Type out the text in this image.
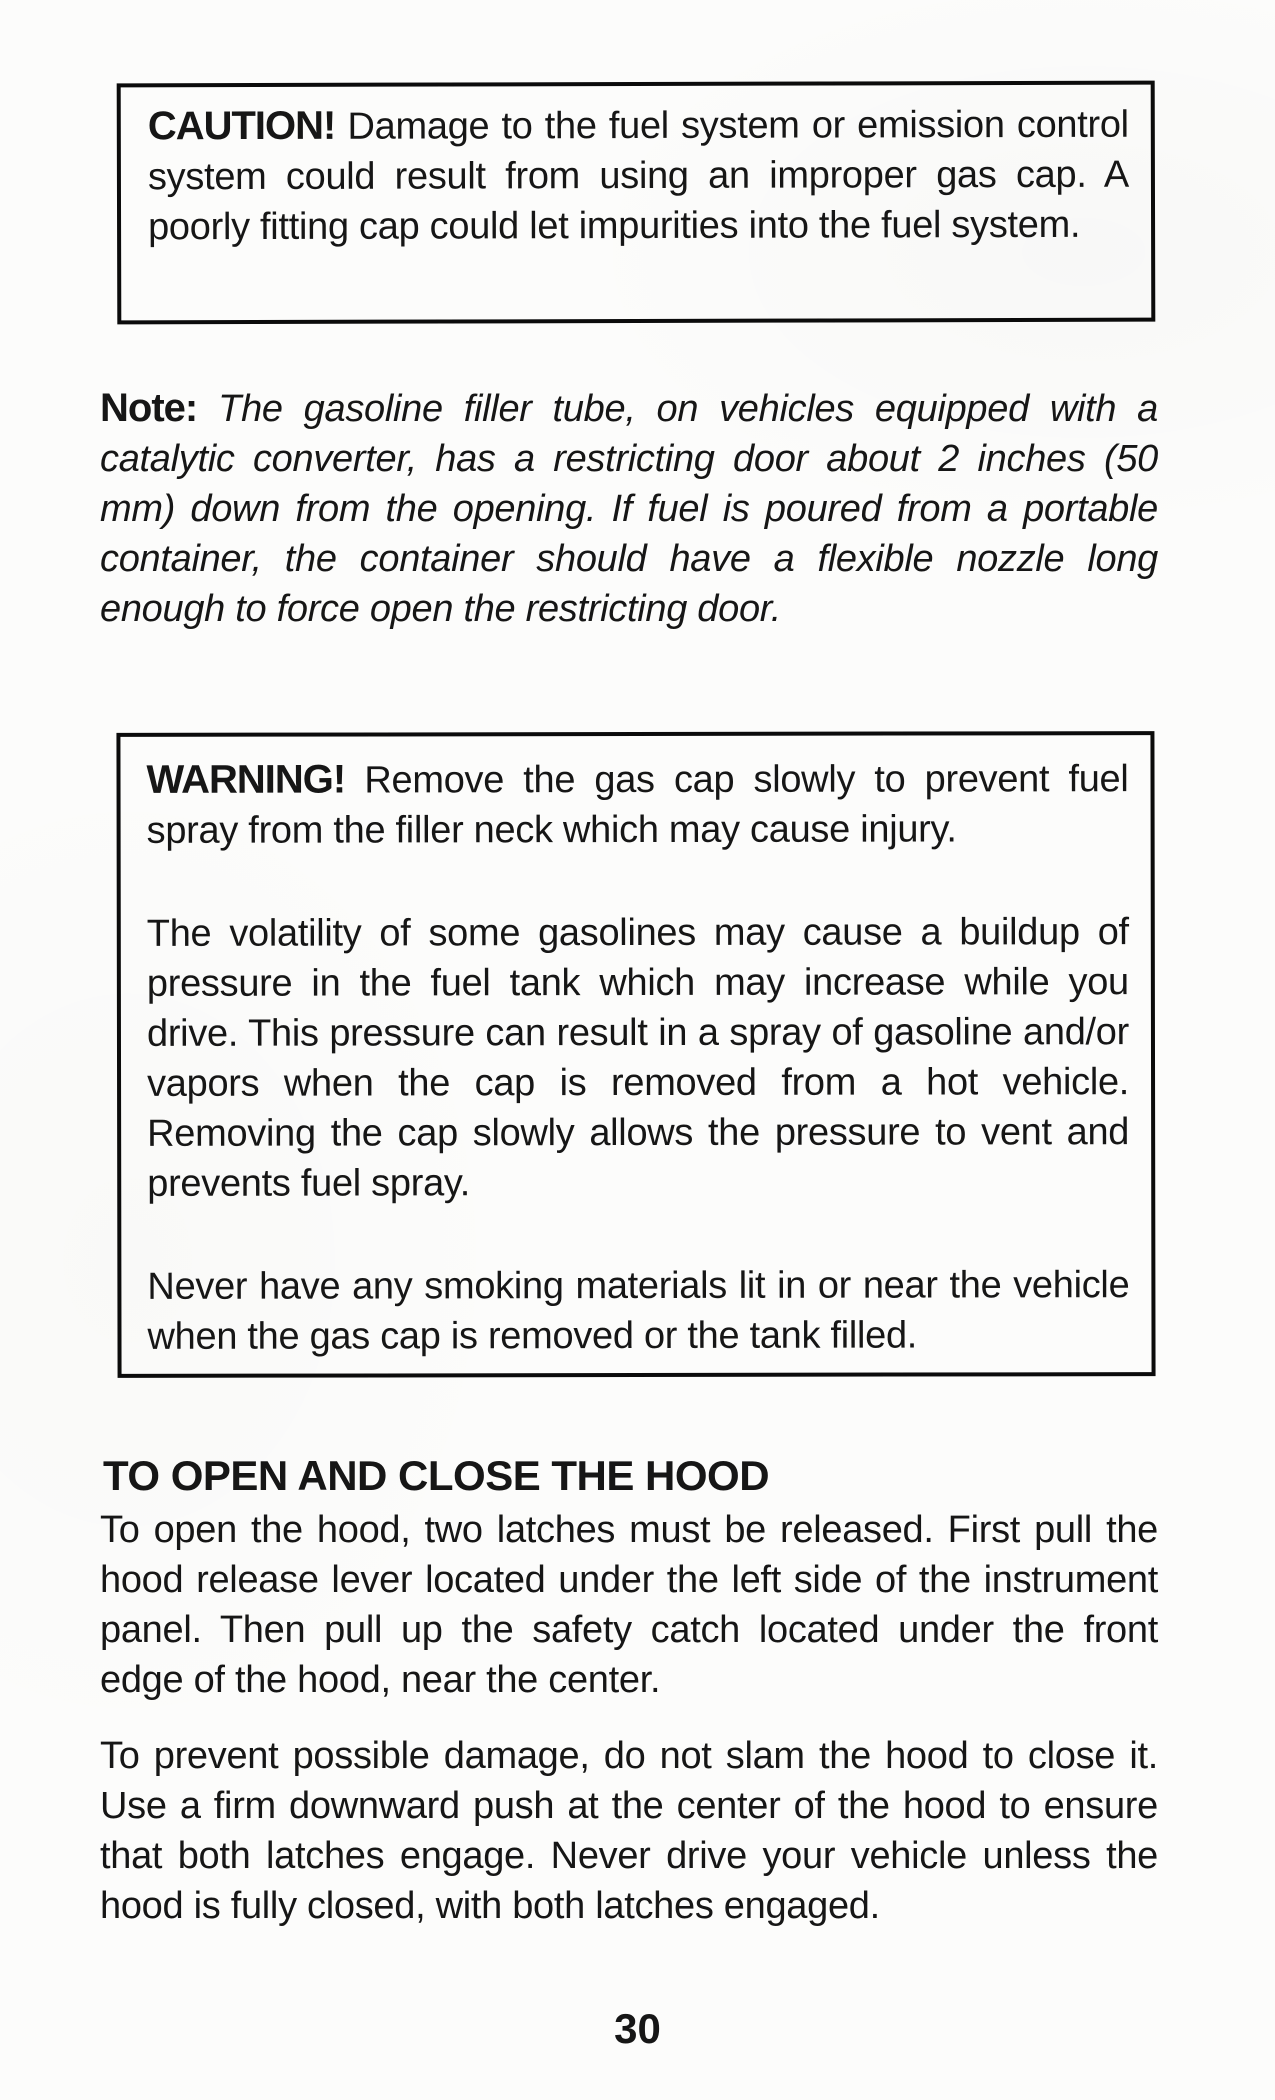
CAUTION! Damage to the fuel system or emission control system could result from using an improper gas cap. A poorly fitting cap could let impurities into the fuel system.

Note: The gasoline filler tube, on vehicles equipped with a catalytic converter, has a restricting door about 2 inches (50 mm) down from the opening. If fuel is poured from a portable container, the container should have a flexible nozzle long enough to force open the restricting door.

WARNING! Remove the gas cap slowly to prevent fuel spray from the filler neck which may cause injury.

The volatility of some gasolines may cause a buildup of pressure in the fuel tank which may increase while you drive. This pressure can result in a spray of gasoline and/or vapors when the cap is removed from a hot vehicle. Removing the cap slowly allows the pressure to vent and prevents fuel spray.

Never have any smoking materials lit in or near the vehicle when the gas cap is removed or the tank filled.

TO OPEN AND CLOSE THE HOOD

To open the hood, two latches must be released. First pull the hood release lever located under the left side of the instrument panel. Then pull up the safety catch located under the front edge of the hood, near the center.

To prevent possible damage, do not slam the hood to close it. Use a firm downward push at the center of the hood to ensure that both latches engage. Never drive your vehicle unless the hood is fully closed, with both latches engaged.

30
